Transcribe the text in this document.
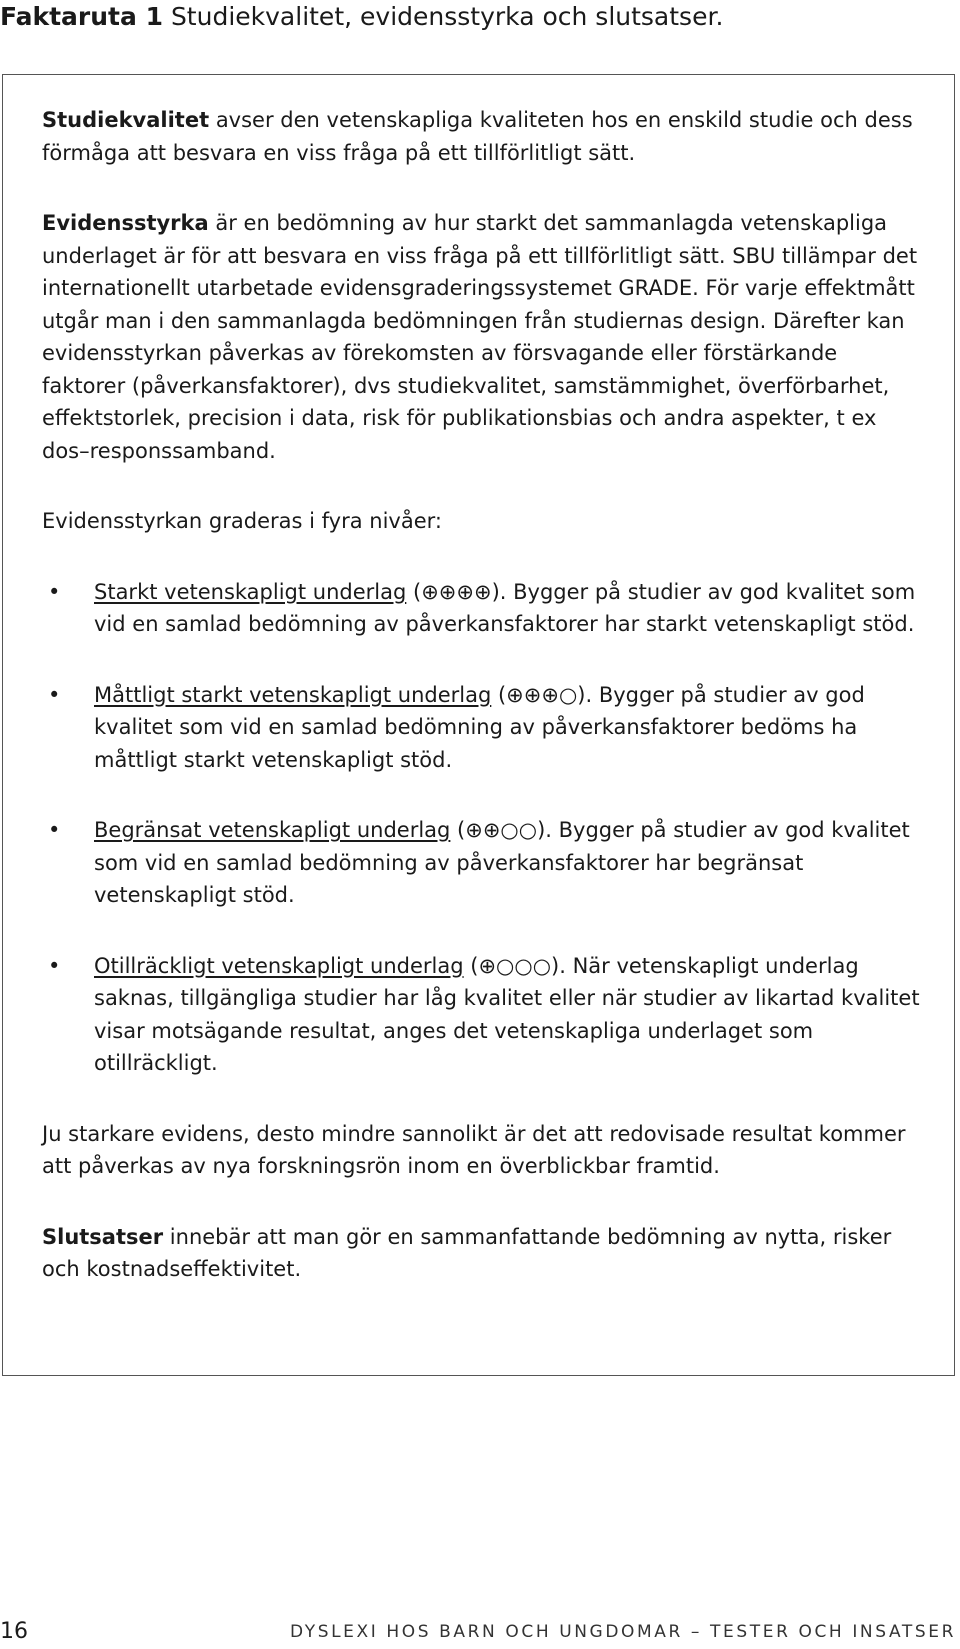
Faktaruta 1 Studiekvalitet, evidensstyrka och slutsatser.

Studiekvalitet avser den vetenskapliga kvaliteten hos en enskild studie och dess förmåga att besvara en viss fråga på ett tillförlitligt sätt.

Evidensstyrka är en bedömning av hur starkt det sammanlagda vetenskapliga underlaget är för att besvara en viss fråga på ett tillförlitligt sätt. SBU tillämpar det internationellt utarbetade evidensgraderingssystemet GRADE. För varje effektmått utgår man i den sammanlagda bedömningen från studiernas design. Därefter kan evidensstyrkan påverkas av förekomsten av försvagande eller förstärkande faktorer (påverkansfaktorer), dvs studiekvalitet, samstämmighet, överförbarhet, effektstorlek, precision i data, risk för publikationsbias och andra aspekter, t ex dos–responssamband.

Evidensstyrkan graderas i fyra nivåer:

• Starkt vetenskapligt underlag (⊕⊕⊕⊕). Bygger på studier av god kvalitet som vid en samlad bedömning av påverkansfaktorer har starkt vetenskapligt stöd.
• Måttligt starkt vetenskapligt underlag (⊕⊕⊕○). Bygger på studier av god kvalitet som vid en samlad bedömning av påverkansfaktorer bedöms ha måttligt starkt vetenskapligt stöd.
• Begränsat vetenskapligt underlag (⊕⊕○○). Bygger på studier av god kvalitet som vid en samlad bedömning av påverkansfaktorer har begränsat vetenskapligt stöd.
• Otillräckligt vetenskapligt underlag (⊕○○○). När vetenskapligt underlag saknas, tillgängliga studier har låg kvalitet eller när studier av likartad kvalitet visar motsägande resultat, anges det vetenskapliga underlaget som otillräckligt.

Ju starkare evidens, desto mindre sannolikt är det att redovisade resultat kommer att påverkas av nya forskningsrön inom en överblickbar framtid.

Slutsatser innebär att man gör en sammanfattande bedömning av nytta, risker och kostnadseffektivitet.

16	DYSLEXI HOS BARN OCH UNGDOMAR – TESTER OCH INSATSER
